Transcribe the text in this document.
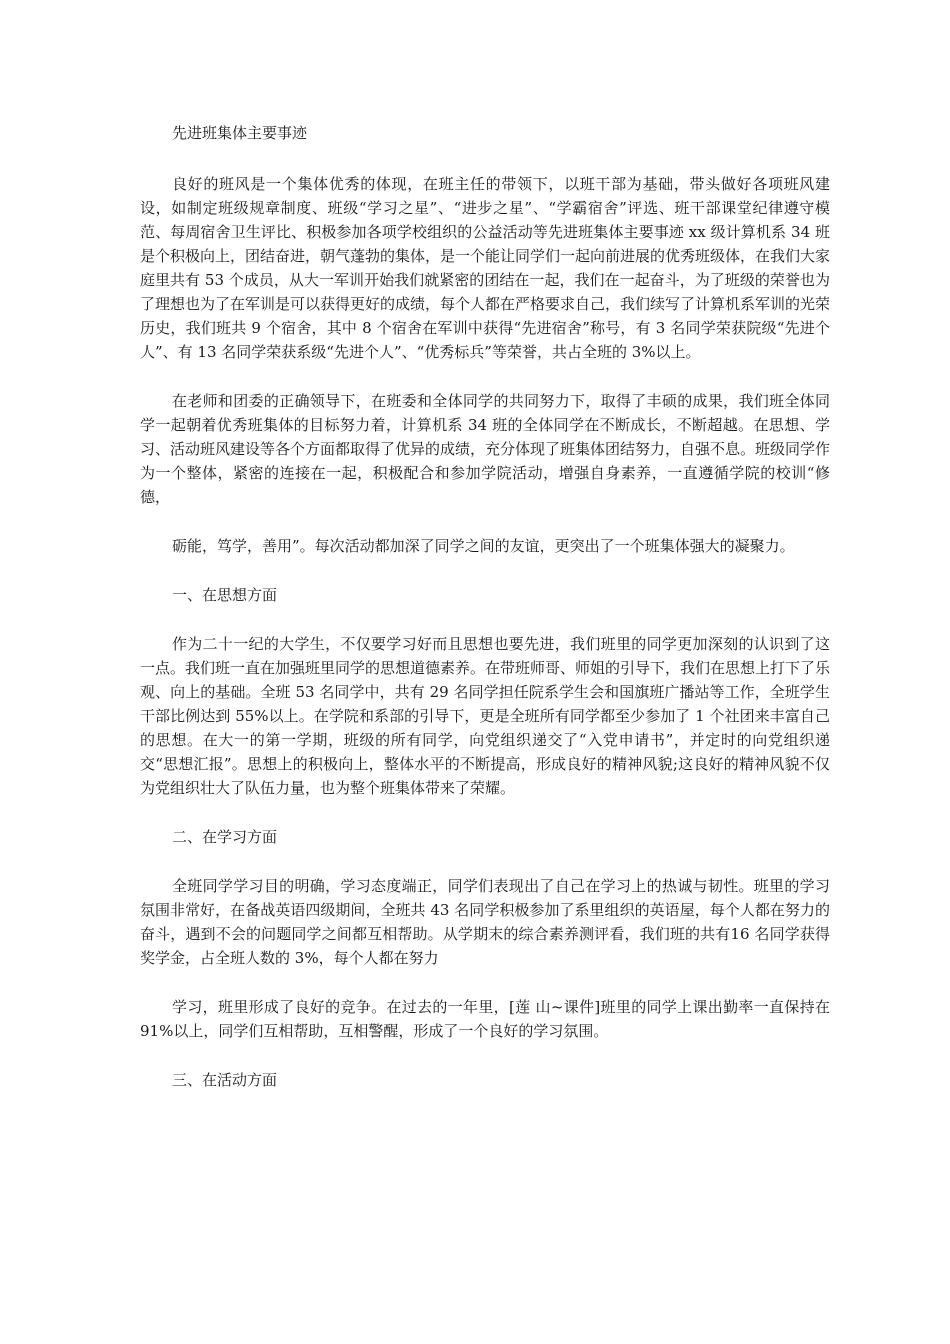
先进班集体主要事迹

良好的班风是一个集体优秀的体现，在班主任的带领下，以班干部为基础，带头做好各项班风建设，如制定班级规章制度、班级“学习之星”、“进步之星”、“学霸宿舍”评选、班干部课堂纪律遵守模范、每周宿舍卫生评比、积极参加各项学校组织的公益活动等先进班集体主要事迹 xx 级计算机系 34 班是个积极向上，团结奋进，朝气蓬勃的集体，是一个能让同学们一起向前进展的优秀班级体，在我们大家庭里共有 53 个成员，从大一军训开始我们就紧密的团结在一起，我们在一起奋斗，为了班级的荣誉也为了理想也为了在军训是可以获得更好的成绩，每个人都在严格要求自己，我们续写了计算机系军训的光荣历史，我们班共 9 个宿舍，其中 8 个宿舍在军训中获得“先进宿舍”称号，有 3 名同学荣获院级“先进个人”、有 13 名同学荣获系级“先进个人”、“优秀标兵”等荣誉，共占全班的 3%以上。

在老师和团委的正确领导下，在班委和全体同学的共同努力下，取得了丰硕的成果，我们班全体同学一起朝着优秀班集体的目标努力着，计算机系 34 班的全体同学在不断成长，不断超越。在思想、学习、活动班风建设等各个方面都取得了优异的成绩，充分体现了班集体团结努力，自强不息。班级同学作为一个整体，紧密的连接在一起，积极配合和参加学院活动，增强自身素养，一直遵循学院的校训“修德，

砺能，笃学，善用”。每次活动都加深了同学之间的友谊，更突出了一个班集体强大的凝聚力。

一、在思想方面

作为二十一纪的大学生，不仅要学习好而且思想也要先进，我们班里的同学更加深刻的认识到了这一点。我们班一直在加强班里同学的思想道德素养。在带班师哥、师姐的引导下，我们在思想上打下了乐观、向上的基础。全班 53 名同学中，共有 29 名同学担任院系学生会和国旗班广播站等工作，全班学生干部比例达到 55%以上。在学院和系部的引导下，更是全班所有同学都至少参加了 1 个社团来丰富自己的思想。在大一的第一学期，班级的所有同学，向党组织递交了“入党申请书”，并定时的向党组织递交“思想汇报”。思想上的积极向上，整体水平的不断提高，形成良好的精神风貌;这良好的精神风貌不仅为党组织壮大了队伍力量，也为整个班集体带来了荣耀。

二、在学习方面

全班同学学习目的明确，学习态度端正，同学们表现出了自己在学习上的热诚与韧性。班里的学习氛围非常好，在备战英语四级期间，全班共 43 名同学积极参加了系里组织的英语屋，每个人都在努力的奋斗，遇到不会的问题同学之间都互相帮助。从学期末的综合素养测评看，我们班的共有16 名同学获得奖学金，占全班人数的 3%，每个人都在努力

学习，班里形成了良好的竞争。在过去的一年里，[莲 山~课件]班里的同学上课出勤率一直保持在 91%以上，同学们互相帮助，互相警醒，形成了一个良好的学习氛围。

三、在活动方面
